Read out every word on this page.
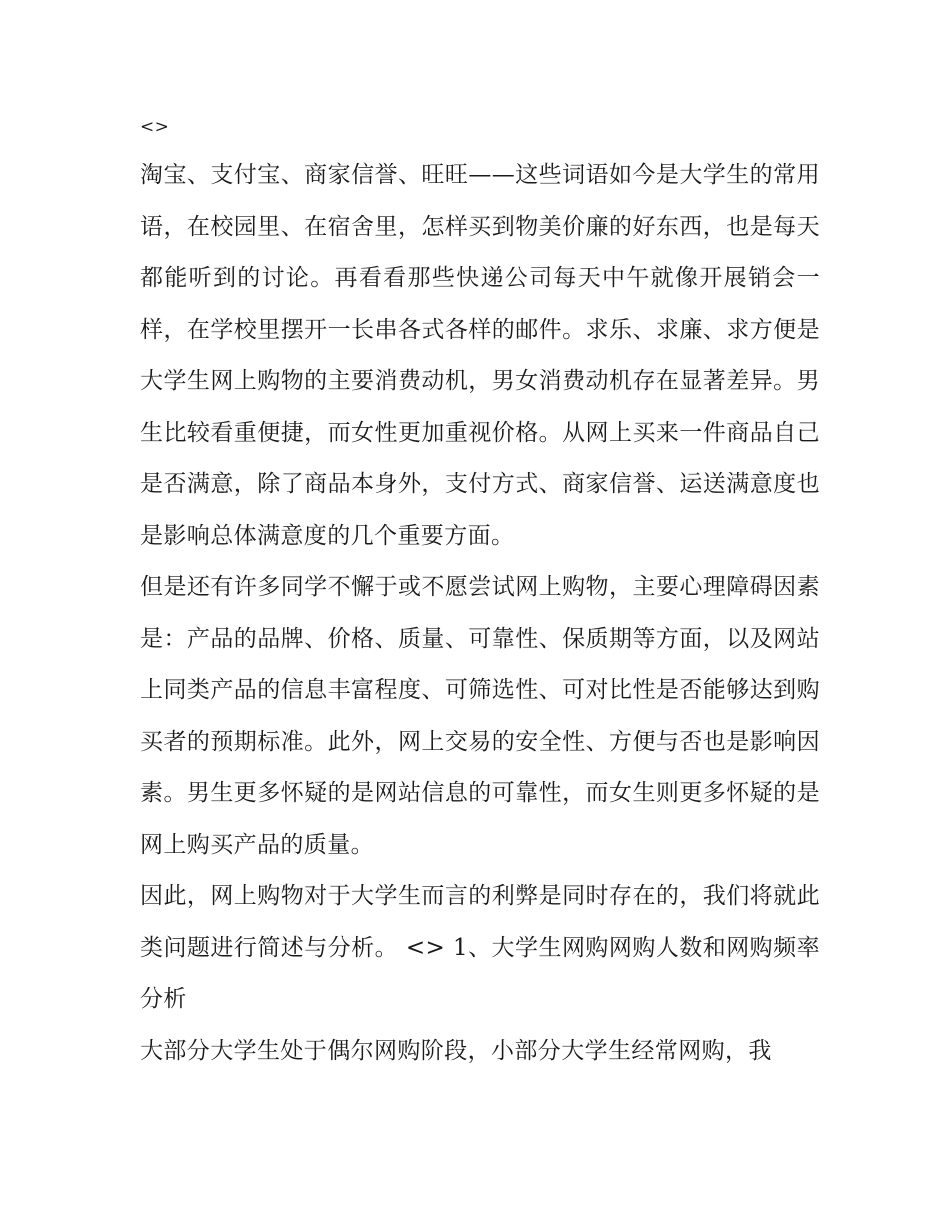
<>

淘宝、支付宝、商家信誉、旺旺——这些词语如今是大学生的常用语，在校园里、在宿舍里，怎样买到物美价廉的好东西，也是每天都能听到的讨论。再看看那些快递公司每天中午就像开展销会一样，在学校里摆开一长串各式各样的邮件。求乐、求廉、求方便是大学生网上购物的主要消费动机，男女消费动机存在显著差异。男生比较看重便捷，而女性更加重视价格。从网上买来一件商品自己是否满意，除了商品本身外，支付方式、商家信誉、运送满意度也是影响总体满意度的几个重要方面。

但是还有许多同学不懈于或不愿尝试网上购物，主要心理障碍因素是：产品的品牌、价格、质量、可靠性、保质期等方面，以及网站上同类产品的信息丰富程度、可筛选性、可对比性是否能够达到购买者的预期标准。此外，网上交易的安全性、方便与否也是影响因素。男生更多怀疑的是网站信息的可靠性，而女生则更多怀疑的是网上购买产品的质量。

因此，网上购物对于大学生而言的利弊是同时存在的，我们将就此类问题进行简述与分析。 <> 1、大学生网购网购人数和网购频率分析

大部分大学生处于偶尔网购阶段，小部分大学生经常网购，我
